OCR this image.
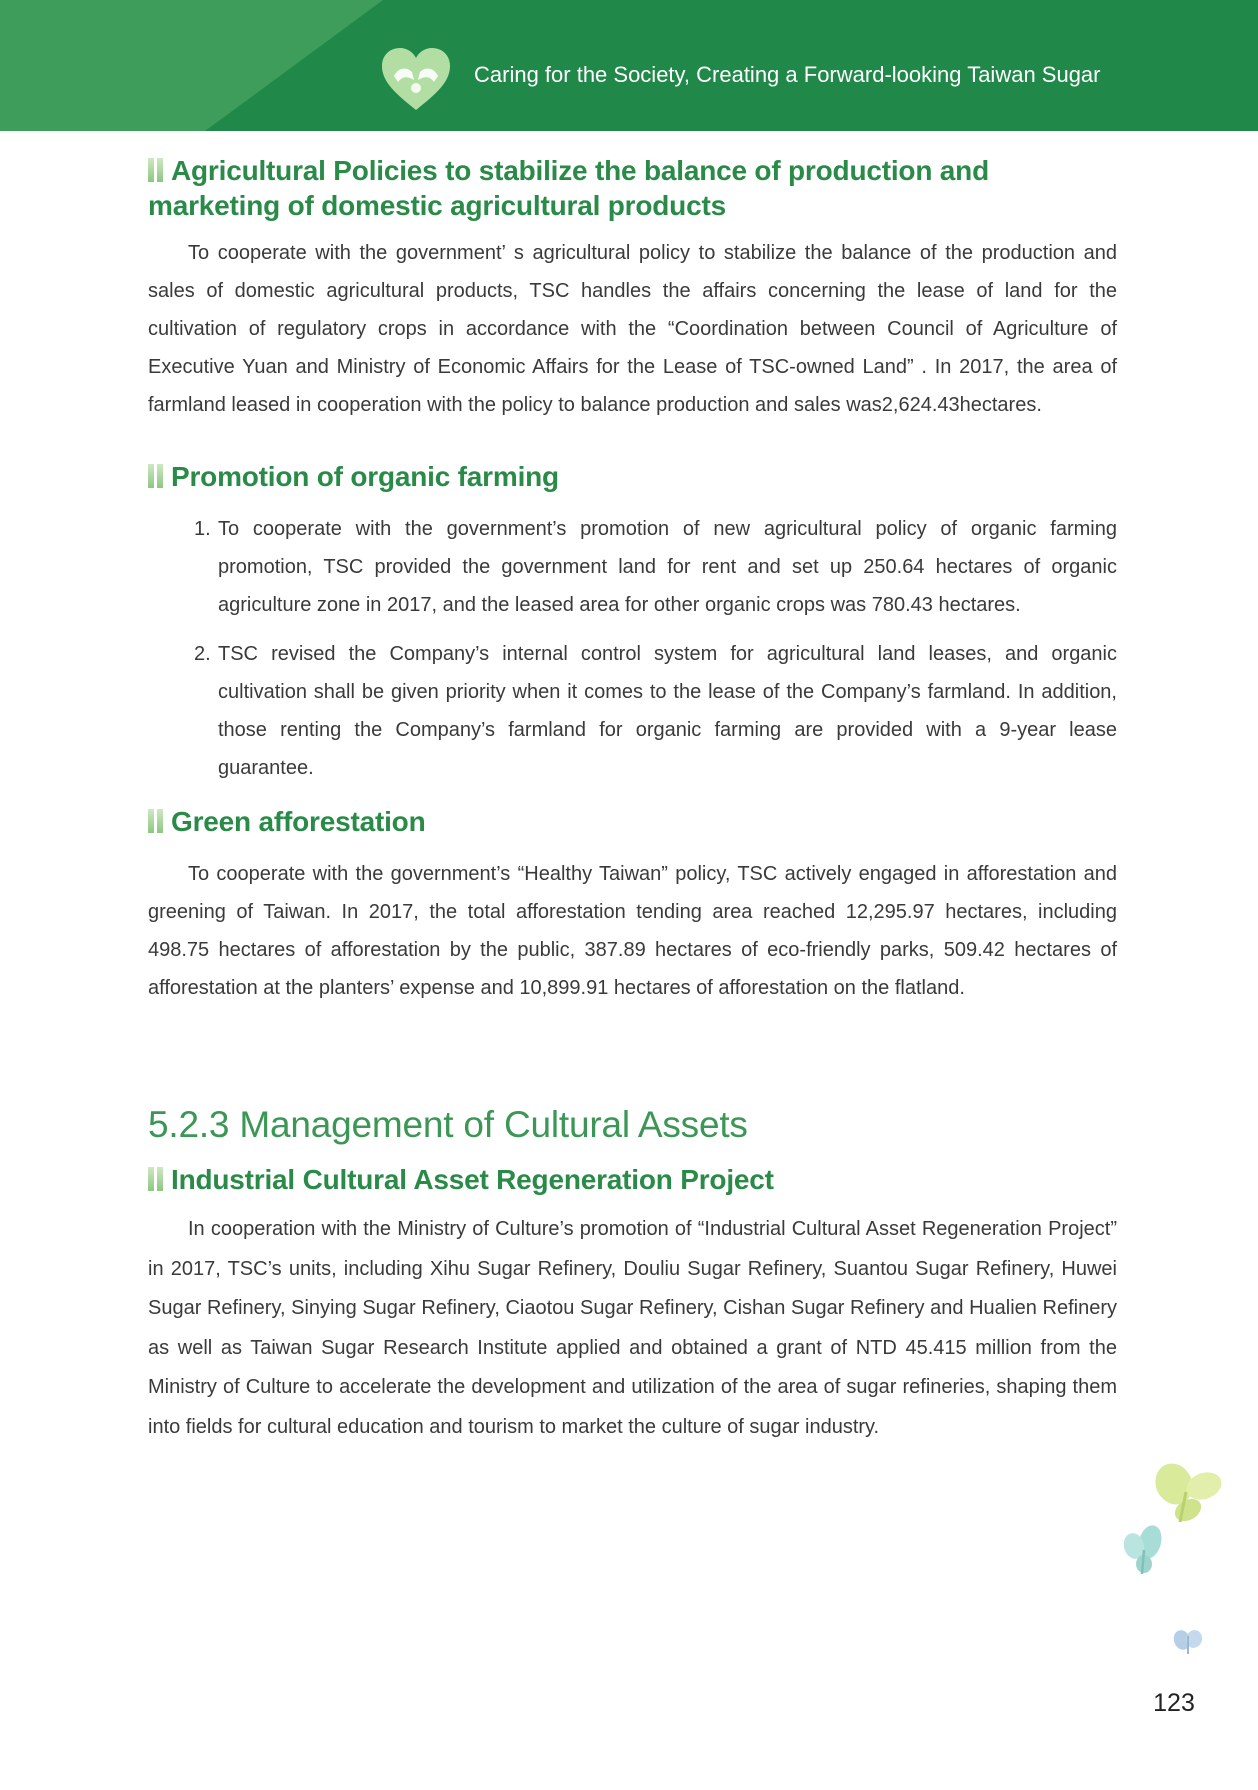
Caring for the Society, Creating a Forward-looking Taiwan Sugar
Agricultural Policies to stabilize the balance of production and marketing of domestic agricultural products

To cooperate with the government’ s agricultural policy to stabilize the balance of the production and sales of domestic agricultural products, TSC handles the affairs concerning the lease of land for the cultivation of regulatory crops in accordance with the “Coordination between Council of Agriculture of Executive Yuan and Ministry of Economic Affairs for the Lease of TSC-owned Land” . In 2017, the area of farmland leased in cooperation with the policy to balance production and sales was2,624.43hectares.

Promotion of organic farming
1. To cooperate with the government’s promotion of new agricultural policy of organic farming promotion, TSC provided the government land for rent and set up 250.64 hectares of organic agriculture zone in 2017, and the leased area for other organic crops was 780.43 hectares.
2. TSC revised the Company’s internal control system for agricultural land leases, and organic cultivation shall be given priority when it comes to the lease of the Company’s farmland. In addition, those renting the Company’s farmland for organic farming are provided with a 9-year lease guarantee.
Green afforestation

To cooperate with the government’s “Healthy Taiwan” policy, TSC actively engaged in afforestation and greening of Taiwan. In 2017, the total afforestation tending area reached 12,295.97 hectares, including 498.75 hectares of afforestation by the public, 387.89 hectares of eco-friendly parks, 509.42 hectares of afforestation at the planters’ expense and 10,899.91 hectares of afforestation on the flatland.

5.2.3 Management of Cultural Assets
Industrial Cultural Asset Regeneration Project

In cooperation with the Ministry of Culture’s promotion of “Industrial Cultural Asset Regeneration Project” in 2017, TSC’s units, including Xihu Sugar Refinery, Douliu Sugar Refinery, Suantou Sugar Refinery, Huwei Sugar Refinery, Sinying Sugar Refinery, Ciaotou Sugar Refinery, Cishan Sugar Refinery and Hualien Refinery as well as Taiwan Sugar Research Institute applied and obtained a grant of NTD 45.415 million from the Ministry of Culture to accelerate the development and utilization of the area of sugar refineries, shaping them into fields for cultural education and tourism to market the culture of sugar industry.

123
